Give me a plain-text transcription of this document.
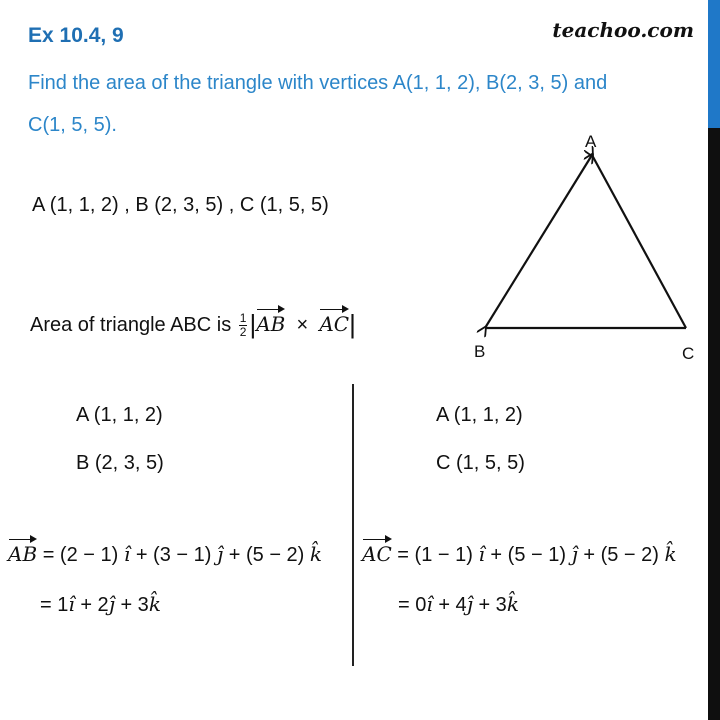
Ex 10.4, 9	teachoo.com
Find the area of the triangle with vertices A(1, 1, 2), B(2, 3, 5) and
C(1, 5, 5).
A (1, 1, 2) , B (2, 3, 5) , C (1, 5, 5)
Area of triangle ABC is $\frac{1}{2} |AB \times AC|$
A
B	C
A (1, 1, 2)
B (2, 3, 5)
A (1, 1, 2)
C (1, 5, 5)
AB = (2 − 1) ı̂ + (3 − 1) ȷ̂ + (5 − 2) k̂
= 1ı̂ + 2ȷ̂ + 3k̂
AC = (1 − 1) ı̂ + (5 − 1) ȷ̂ + (5 − 2) k̂
= 0ı̂ + 4ȷ̂ + 3k̂
